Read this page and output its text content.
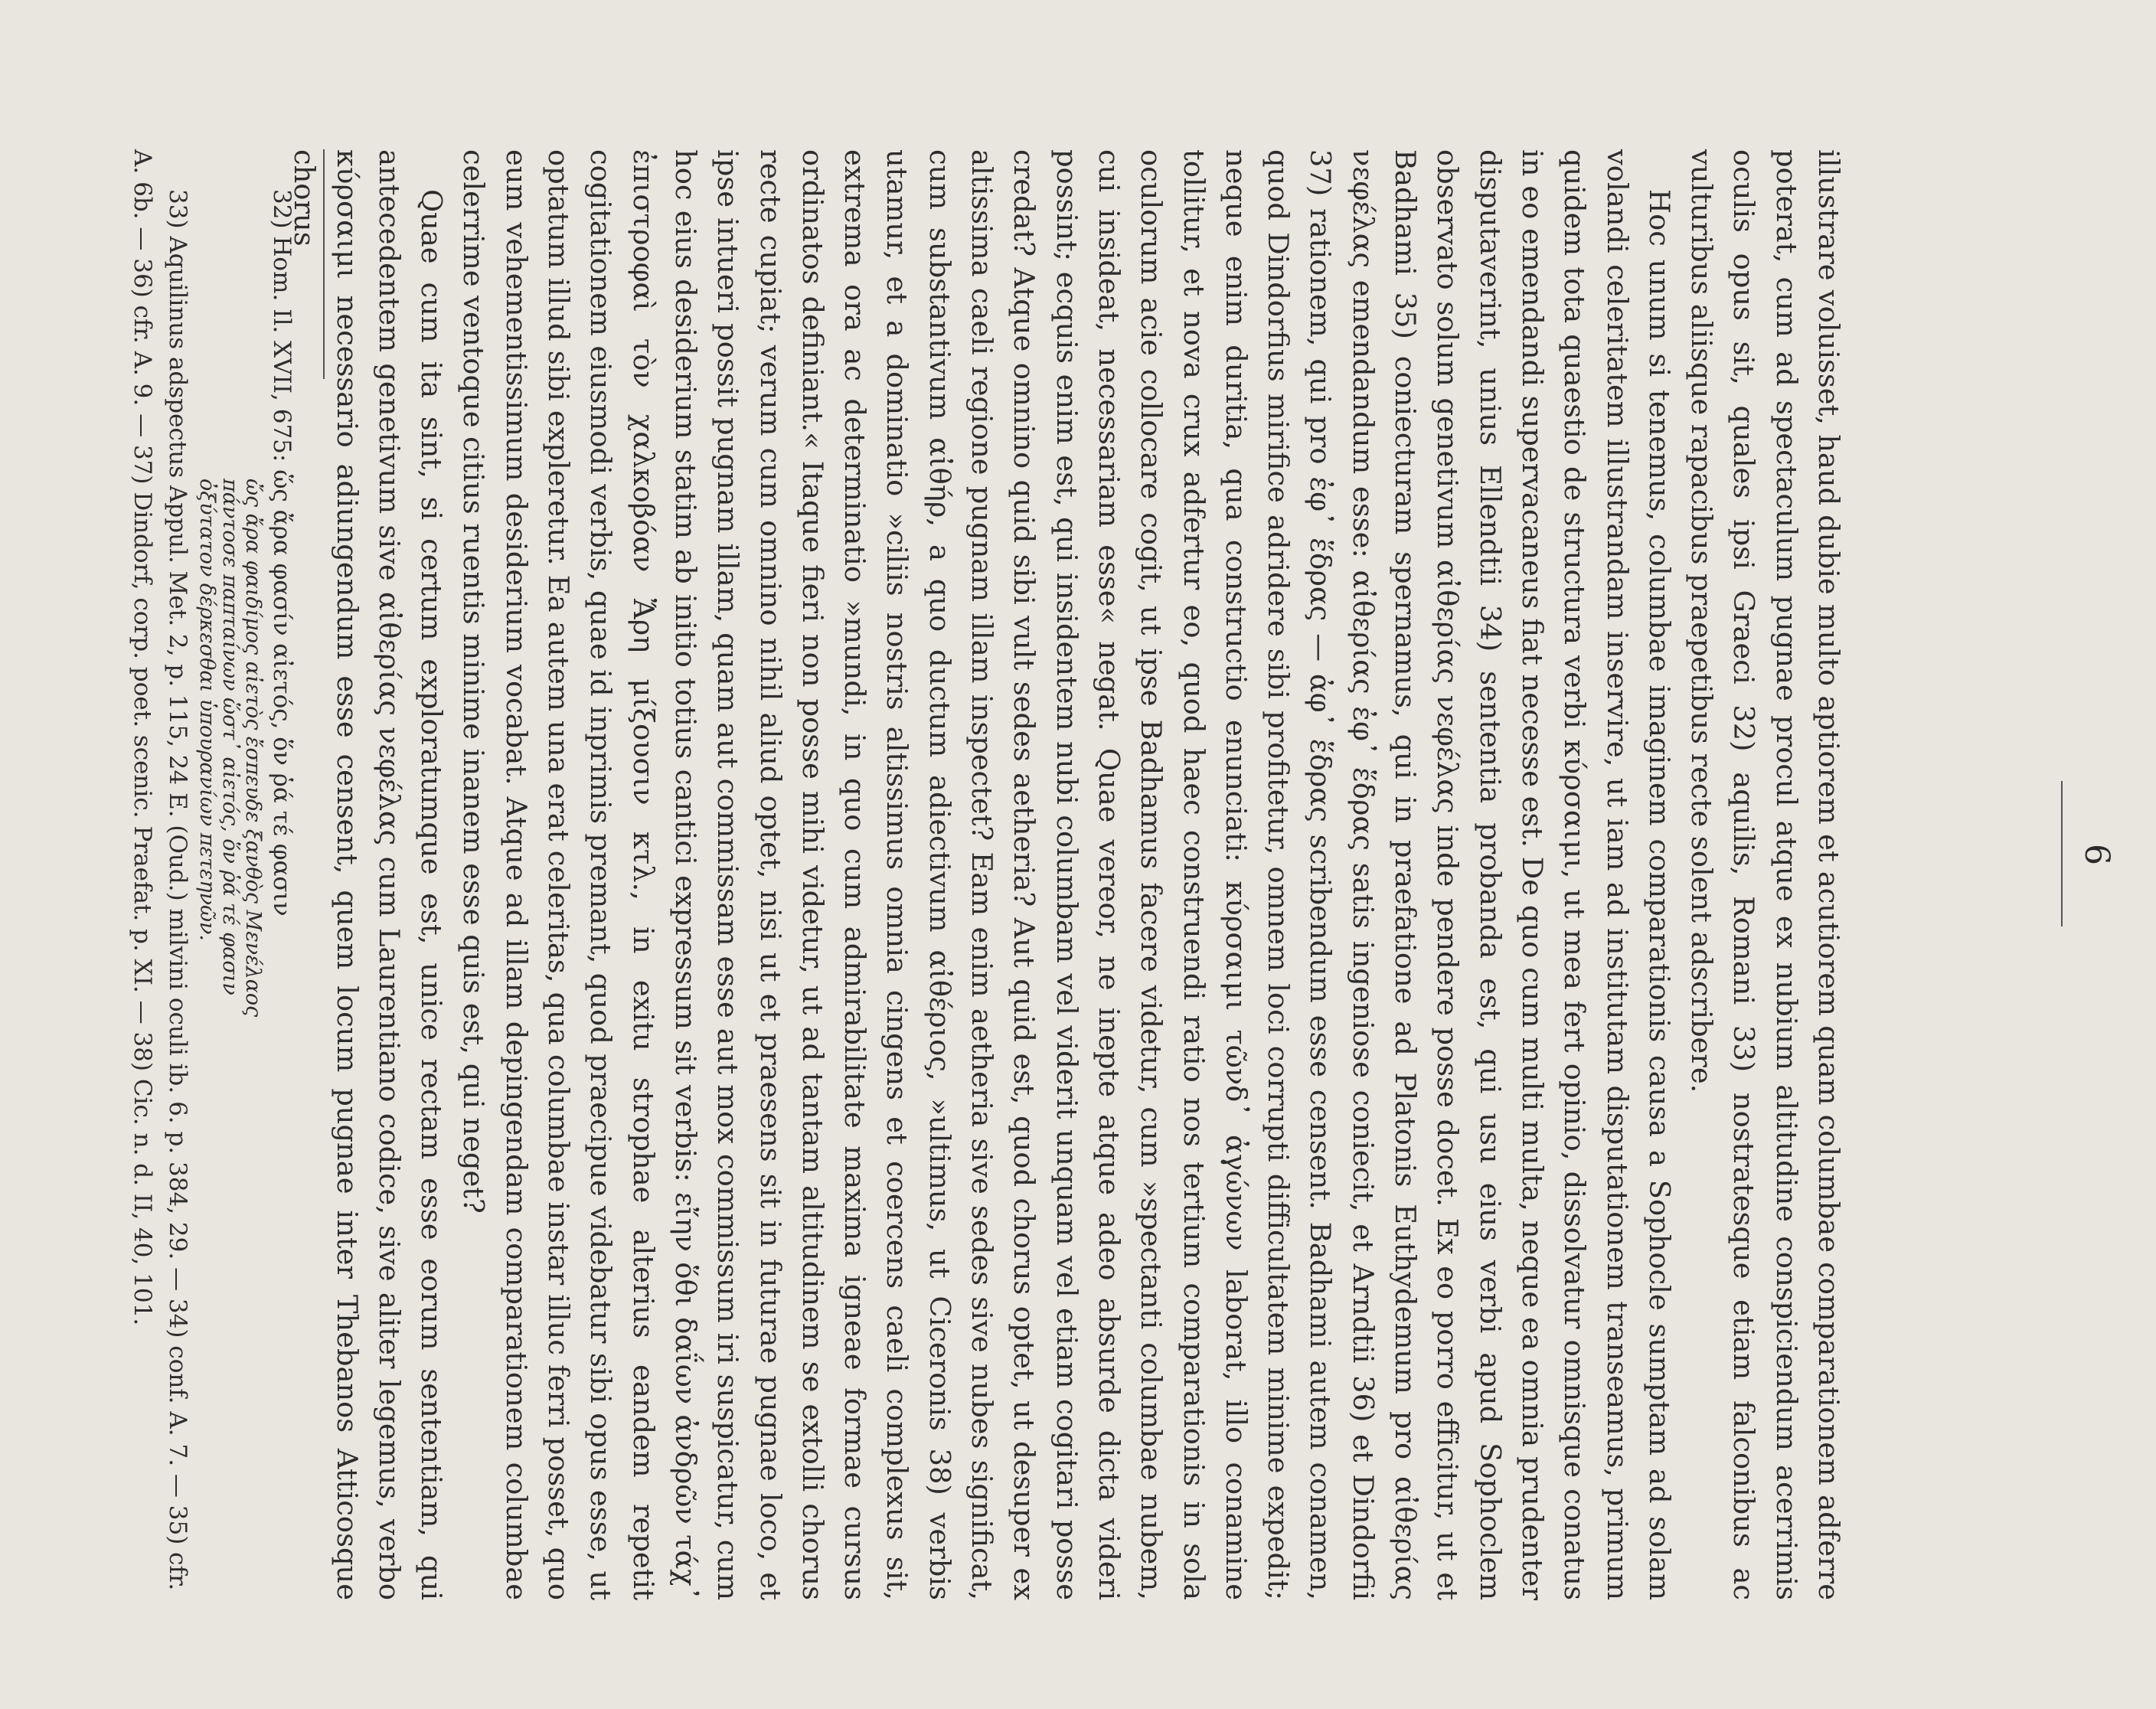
6

illustrare voluisset, haud dubie multo aptiorem et acutiorem quam columbae comparationem adferre poterat, cum ad spectaculum pugnae procul atque ex nubium altitudine conspiciendum acerrimis oculis opus sit, quales ipsi Graeci 32) aquilis, Romani 33) nostratesque etiam falconibus ac vulturibus aliisque rapacibus praepetibus recte solent adscribere.

Hoc unum si tenemus, columbae imaginem comparationis causa a Sophocle sumptam ad solam volandi celeritatem illustrandam inservire, ut iam ad institutam disputationem transeamus, primum quidem tota quaestio de structura verbi κύρσαιμι, ut mea fert opinio, dissolvatur omnisque conatus in eo emendandi supervacaneus fiat necesse est. De quo cum multi multa, neque ea omnia prudenter disputaverint, unius Ellendtii 34) sententia probanda est, qui usu eius verbi apud Sophoclem observato solum genetivum αἰθερίας νεφέλας inde pendere posse docet. Ex eo porro efficitur, ut et Badhami 35) coniecturam spernamus, qui in praefatione ad Platonis Euthydemum pro αἰθερίας νεφέλας emendandum esse: αἰθερίας ἐφ᾽ ἕδρας satis ingeniose coniecit, et Arndtii 36) et Dindorfii 37) rationem, qui pro ἐφ᾽ ἕδρας — ἀφ᾽ ἕδρας scribendum esse censent. Badhami autem conamen, quod Dindorfius mirifice adridere sibi profitetur, omnem loci corrupti difficultatem minime expedit; neque enim duritia, qua constructio enunciati: κύρσαιμι τῶνδ᾽ ἀγώνων laborat, illo conamine tollitur, et nova crux adfertur eo, quod haec construendi ratio nos tertium comparationis in sola oculorum acie collocare cogit, ut ipse Badhamus facere videtur, cum »spectanti columbae nubem, cui insideat, necessariam esse« negat. Quae vereor, ne inepte atque adeo absurde dicta videri possint; ecquis enim est, qui insidentem nubi columbam vel viderit unquam vel etiam cogitari posse credat? Atque omnino quid sibi vult sedes aetheria? Aut quid est, quod chorus optet, ut desuper ex altissima caeli regione pugnam illam inspectet? Eam enim aetheria sive sedes sive nubes significat, cum substantivum αἰθήρ, a quo ductum adiectivum αἰθέριος, »ultimus, ut Ciceronis 38) verbis utamur, et a dominatio »ciliis nostris altissimus omnia cingens et coercens caeli complexus sit, extrema ora ac determinatio »mundi, in quo cum admirabilitate maxima igneae formae cursus ordinatos definiant.« Itaque fieri non posse mihi videtur, ut ad tantam altitudinem se extolli chorus recte cupiat; verum cum omnino nihil aliud optet, nisi ut et praesens sit in futurae pugnae loco, et ipse intueri possit pugnam illam, quam aut commissam esse aut mox commissum iri suspicatur, cum hoc eius desiderium statim ab initio totius cantici expressum sit verbis: εἴην ὅθι δαΐων ἀνδρῶν τάχ᾽ ἐπιστροφαὶ τὸν χαλκοβόαν Ἄρη μίξουσιν κτλ., in exitu strophae alterius eandem repetit cogitationem eiusmodi verbis, quae id inprimis premant, quod praecipue videbatur sibi opus esse, ut optatum illud sibi expleretur. Ea autem una erat celeritas, qua columbae instar illuc ferri posset, quo eum vehementissimum desiderium vocabat. Atque ad illam depingendam comparationem columbae celerrime ventoque citius ruentis minime inanem esse quis est, qui neget?

Quae cum ita sint, si certum exploratumque est, unice rectam esse eorum sententiam, qui antecedentem genetivum sive αἰθερίας νεφέλας cum Laurentiano codice, sive aliter legemus, verbo κύρσαιμι necessario adiungendum esse censent, quem locum pugnae inter Thebanos Atticosque chorus

32) Hom. Il. XVII, 675: ὥς ἄρα φασίν αἰετός, ὅν ῥά τέ φασιν

ὤς ἄρα φαιδίμος αἰετὸς ἔσπευδε ξανθὸς Μενέλαος

πάντοσε παπταίνων ὥστ᾽ αἰετός, ὅν ῥά τέ φασιν

ὀξύτατον δέρκεσθαι ὑπουρανίων πετεηνῶν.

33) Aquilinus adspectus Appul. Met. 2, p. 115, 24 E. (Oud.) milvini oculi ib. 6. p. 384, 29. — 34) conf. A. 7. — 35) cfr. A. 6b. — 36) cfr. A. 9. — 37) Dindorf, corp. poet. scenic. Praefat. p. XI. — 38) Cic. n. d. II, 40, 101.
